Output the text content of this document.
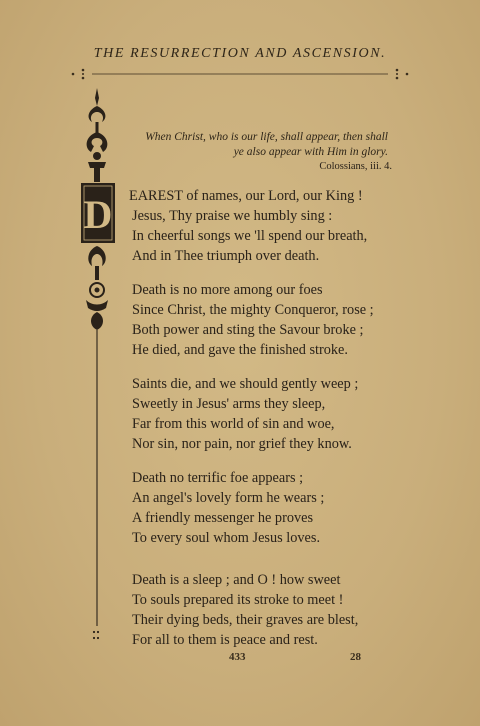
THE RESURRECTION AND ASCENSION.
When Christ, who is our life, shall appear, then shall
ye also appear with Him in glory.
Colossians, iii. 4.
D EAREST of names, our Lord, our King !
Jesus, Thy praise we humbly sing :
In cheerful songs we 'll spend our breath,
And in Thee triumph over death.
Death is no more among our foes
Since Christ, the mighty Conqueror, rose ;
Both power and sting the Savour broke ;
He died, and gave the finished stroke.
Saints die, and we should gently weep ;
Sweetly in Jesus' arms they sleep,
Far from this world of sin and woe,
Nor sin, nor pain, nor grief they know.
Death no terrific foe appears ;
An angel's lovely form he wears ;
A friendly messenger he proves
To every soul whom Jesus loves.
Death is a sleep ; and O ! how sweet
To souls prepared its stroke to meet !
Their dying beds, their graves are blest,
For all to them is peace and rest.
433	28
